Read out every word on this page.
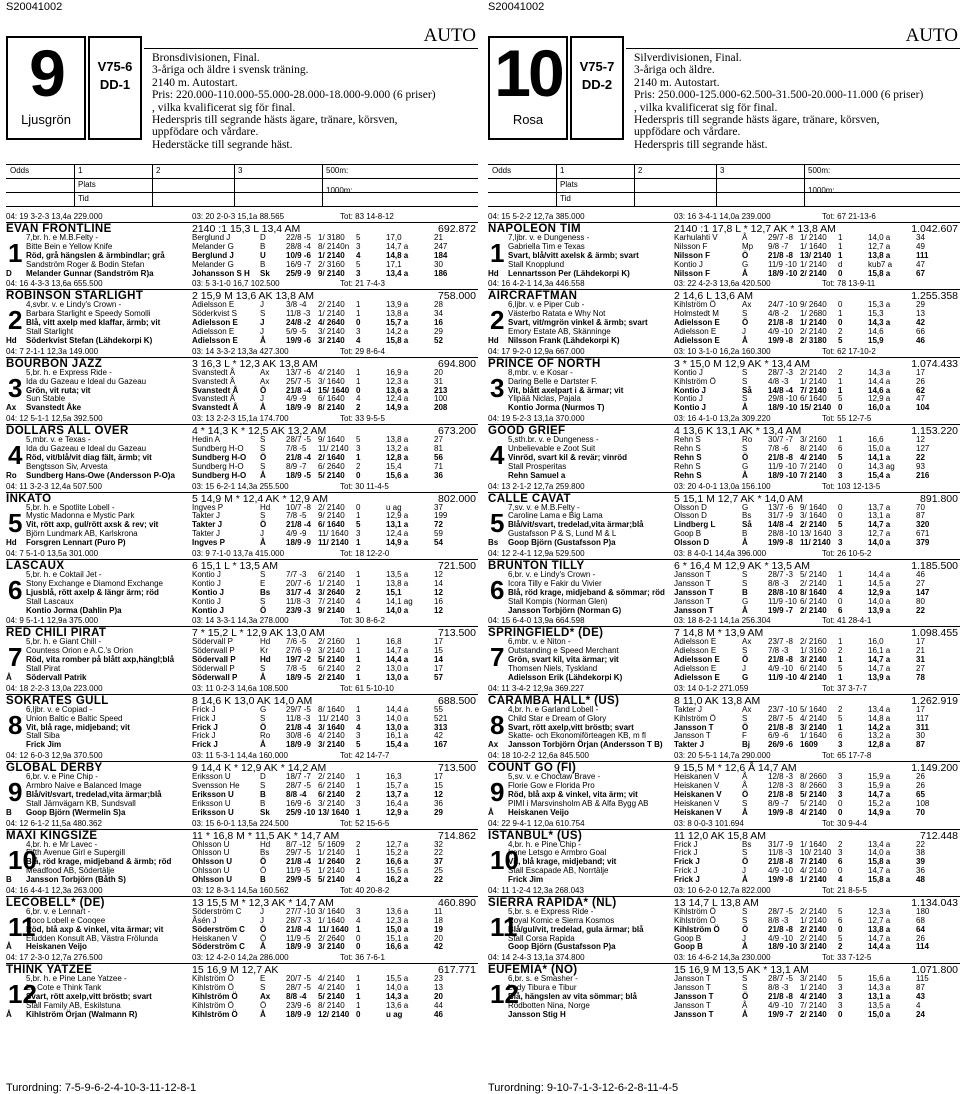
S20041002
9
Ljusgrön
V75-6
DD-1
AUTO
Bronsdivisionen, Final.
3-åriga och äldre i svensk träning.
2140 m. Autostart.
Pris: 220.000-110.000-55.000-28.000-18.000-9.000 (6 priser)
, vilka kvalificerat sig för final.
Hederspris till segrande hästs ägare, tränare, körsven,
uppfödare och vårdare.
Hederstäcke till segrande häst.
Odds	1	2	3	500m:
Plats
Tid
1000m:
04: 19 3-2-3 13,4a 229.000	03: 20 2-0-3 15,1a 88.565	Tot: 83 14-8-12
EVAN FRONTLINE	2140 :1 15,3 L 13,4 AM	692.872
1
7,br. h. e M.B.Felty -	Berglund J	D	22/8 -5 1/ 3180 5	17,0	21
Bitte Bein e Yellow Knife	Melander G	B	28/8 -4 8/ 2140n 3	14,7 a	247
Röd, grå hängslen & ärmbindlar; grå	Berglund J	U	10/9 -6 1/ 2140 4	14,8 a	184
Sandström Roger & Bodin Stefan	Melander G	B	16/9 -7 2/ 3160 5	17,1	30
Melander Gunnar (Sandström R)a	Johansson S H Sk 25/9 -9 9/ 2140 3	13,4 a	186
D
04: 16 4-3-3 13,6a 655.500	03: 5 3-1-0 16,7 102.500	Tot: 21 7-4-3
ROBINSON STARLIGHT	2 15,9 M 13,6 AK 13,8 AM	758.000
2
4,svbr. v. e Lindy's Crown -	Adielsson E	J	3/8 -4 2/ 2140 1	13,9 a	28
Barbara Starlight e Speedy Somolli	Söderkvist S	S	11/8 -3 1/ 2140 1	13,8 a	34
Blå, vitt axelp med klaffar, ärmb; vit	Adielsson E	J	24/8 -2 4/ 2640 0	15,7 a	16
Stall Starlight	Adielsson E	J	5/9 -5 3/ 2140 3	14,2 a	29
Söderkvist Stefan (Lähdekorpi K)	Adielsson E	Å	19/9 -6 3/ 2140 4	15,8 a	52
Hd
04: 7 2-1-1 12,3a 149.000	03: 14 3-3-2 13,3a 427.300	Tot: 29 8-6-4
BOURBON JAZZ	3 16,3 L * 12,3 AK 13,8 AM	694.800
3
5,br. h. e Express Ride -	Svanstedt Å	Ax 13/7 -6 4/ 2140 1	16,9 a	20
Ida du Gazeau e Ideal du Gazeau	Svanstedt Å	Ax 25/7 -5 3/ 1640 1	12,3 a	31
Grön, vit ruta; vit	Svanstedt Å	Ö 21/8 -4 15/ 1640 0	13,6 a	213
Sun Stable	Svanstedt Å	J	4/9 -9 6/ 1640 4	12,4 a	100
Svanstedt Åke	Svanstedt Å	Å	18/9 -9 8/ 2140 2	14,9 a	208
Ax
04: 12 5-1-1 12,5a 392.500	03: 13 2-2-3 15,1a 174.700	Tot: 33 9-5-5
DOLLARS ALL OVER	4 * 14,3 K * 12,5 AK 13,2 AM	673.200
4
5,mbr. v. e Texas -	Hedin A	S	28/7 -5 9/ 1640 5	13,8 a	27
Ida du Gazeau e Ideal du Gazeau	Sundberg H-O S	7/8 -5 11/ 2140 3	13,2 a	81
Röd, vit/blå/vit diag fält, ärmb; vit	Sundberg H-O Ö 21/8 -4 2/ 1640 1	12,8 a	56
Bengtsson Siv, Arvesta	Sundberg H-O S	8/9 -7 6/ 2640 2	15,4	71
Sundberg Hans-Owe (Andersson P-O)a Sundberg H-O Å	18/9 -5 5/ 2140 0	15,6 a	36
Ro
04: 11 3-2-3 12,4a 507.500	03: 15 6-2-1 14,3a 255.500	Tot: 30 11-4-5
INKATO	5 14,9 M * 12,4 AK * 12,9 AM	802.000
5
5,br. h. e Spotlite Lobell -	Ingves P	Hd 10/7 -8 2/ 2140 0	u ag	37
Mystic Madonna e Mystic Park	Takter J	S	7/8 -5 9/ 2140 1	12,9 a	199
Vit, rött axp, gul/rött axsk & rev; vit	Takter J	Ö 21/8 -4 6/ 1640 5	13,1 a	72
Björn Lundmark AB, Karlskrona	Takter J	J	4/9 -9 11/ 1640 3	12,4 a	59
Forsgren Lennart (Puro P)	Ingves P	Å	18/9 -9 11/ 2140 1	14,9 a	54
Hd
04: 7 5-1-0 13,5a 301.000	03: 9 7-1-0 13,7a 415.000	Tot: 18 12-2-0
LASCAUX	6 15,1 L * 13,5 AM	721.500
6
5,br. h. e Coktail Jet -	Kontio J	S	7/7 -3 6/ 2140 1	13,5 a	12
Stony Exchange e Diamond Exchange	Kontio J	E	20/7 -6 1/ 2140 1	13,8 a	14
Ljusblå, rött axelp & längr ärm; röd	Kontio J	Bs 31/7 -4 3/ 2640 2	15,1	12
Stall Lascaux	Kontio J	S	11/8 -3 7/ 2140 4	14,1 ag	16
Kontio Jorma (Dahlin P)a	Kontio J	Ö 23/9 -3 9/ 2140 1	14,0 a	12
04: 9 5-1-1 12,9a 375.000	03: 14 3-3-1 14,3a 278.000	Tot: 30 8-6-2
RED CHILI PIRAT	7 * 15,2 L * 12,9 AK 13,0 AM	713.500
7
5,br. h. e Giant Chill -	Södervall P	Hd 7/6 -5 2/ 2160 1	16,8	17
Countess Orion e A.C.'s Orion	Söderwall P	Kr 27/6 -9 3/ 2140 1	14,7 a	15
Röd, vita romber på blått axp,hängl;blå Södervall P	Hd 19/7 -2 5/ 2140 1	14,4 a	14
Stall Pirat	Söderwall P	S	7/8 -5 6/ 2140 2	13,0 a	17
Södervall Patrik	Söderwall P	Å	18/9 -5 2/ 2140 1	13,0 a	57
Å
04: 18 2-2-3 13,0a 223.000	03: 11 0-2-3 14,6a 108.500	Tot: 61 5-10-10
SOKRATES GULL	8 14,6 K 13,0 AK 14,0 AM	688.500
8
6,ljbr. v. e Copiad -	Frick J	G 29/7 -5 8/ 1640 1	14,4 a	55
Union Baltic e Baltic Speed	Frick J	S	11/8 -3 11/ 2140 3	14,0 a	521
Vit, blå rage, midjeband; vit	Frick J	Ö 21/8 -4 3/ 1640 4	13,0 a	313
Stall Siba	Frick J	Ro 30/8 -6 4/ 2140 3	16,1 a	42
Frick Jim	Frick J	Å	18/9 -9 3/ 2140 5	15,4 a	167
04: 12 6-0-3 12,9a 370.500	03: 11 5-3-1 14,4a 160.000	Tot: 42 14-7-7
GLOBAL DERBY	9 14,4 K * 12,9 AK * 14,2 AM	713.500
9
6,br. v. e Pine Chip -	Eriksson U	D	18/7 -7 2/ 2140 1	16,3	17
Armbro Naive e Balanced Image	Svensson He	S	28/7 -5 6/ 2140 1	15,7 a	15
Blå/vit/svart, tredelad,vita ärmar;blå	Eriksson U	B	8/8 -4 6/ 2140 2	13,7 a	12
Stall Järnvägarn KB, Sundsvall	Eriksson U	B	16/9 -6 3/ 2140 3	16,4 a	36
Goop Björn (Wermelin S)a	Eriksson U	Sk 25/9 -10 13/ 1640 1	12,9 a	29
B
04: 12 6-1-2 11,5a 480.362	03: 15 6-0-1 13,5a 224.500	Tot: 52 15-6-5
MAXI KINGSIZE	11 * 16,8 M * 11,5 AK * 14,7 AM	714.862
10
4,br. h. e Mr Lavec -	Ohlsson U	Hd 8/7 -12 5/ 1609 2	12,7 a	32
Fifth Avenue Girl e Supergill	Ohlsson U	Bs 29/7 -5 1/ 2140 1	15,2 a	22
Blå, röd krage, midjeband & ärmb; röd	Ohlsson U	Ö 21/8 -4 1/ 2640 2	16,6 a	37
Meadfood AB, Södertälje	Ohlsson U	Ö 11/9 -5 1/ 2140 1	15,5 a	25
Jansson Torbjörn (Båth S)	Ohlsson U	B	29/9 -5 5/ 2140 4	16,2 a	22
B
04: 16 4-4-1 12,3a 263.000	03: 12 8-3-1 14,5a 160.562	Tot: 40 20-8-2
LECOBELL* (DE)	13 15,5 M * 12,3 AK * 14,7 AM	460.890
11
6,br. v. e Lennart -	Söderström C J	27/7 -10 3/ 1640 3	13,6 a	11
Coco Lobell e Cooqee	Åsén J	J	28/7 -3 1/ 1640 4	12,3 a	18
Röd, blå axp & vinkel, vita ärmar; vit	Söderström C Ö 21/8 -4 11/ 1640 1	15,0 a	19
Eludden Konsult AB, Västra Frölunda	Heiskanen V	Ö 11/9 -5 2/ 2640 0	15,1 a	20
Heiskanen Veijo	Söderström C Å	18/9 -9 3/ 2140 0	16,6 a	42
Å
04: 17 2-3-0 12,7a 276.500	03: 12 4-2-0 14,2a 286.000	Tot: 36 7-6-1
THINK YATZEE	15 16,9 M 12,7 AK	617.771
12
5,br. h. e Pine Lane Yatzee -	Kihlström Ö	E	20/7 -5 4/ 2140 1	15,5 a	23
La Cote e Think Tank	Kihlström Ö	S	28/7 -5 4/ 2140 1	14,0 a	13
Svart, rött axelp,vitt bröstb; svart	Kihlström Ö	Ax 8/8 -4 5/ 2140 1	14,3 a	20
Stall Family AB, Eskilstuna	Kihlström Ö	Ö 23/9 -6 8/ 2140 1	13,6 a	44
Kihlström Örjan (Walmann R)	Kihlström Ö	Å	18/9 -9 12/ 2140 0	u ag	46
Å
Turordning: 7-5-9-6-2-4-10-3-11-12-8-1
S20041002
10
Rosa
V75-7
DD-2
AUTO
Silverdivisionen, Final.
3-åriga och äldre.
2140 m. Autostart.
Pris: 250.000-125.000-62.500-31.500-20.000-11.000 (6 priser)
, vilka kvalificerat sig för final.
Hederspris till segrande hästs ägare, tränare, körsven,
uppfödare och vårdare.
Hederspris till segrande häst.
Odds	1	2	3	500m:
Plats
Tid
1000m:
04: 15 5-2-2 12,7a 385.000	03: 16 3-4-1 14,0a 239.000	Tot: 67 21-13-6
NAPOLEON TIM	2140 :1 17,8 L * 12,7 AK * 13,8 AM	1.042.607
1
7,ljbr. v. e Dungeness -	Karhulahti V	Å	29/7 -8 1/ 2140 1	14,0 a	34
Gabriella Tim e Texas	Nilsson F	Mp 9/8 -7 1/ 1640 1	12,7 a	49
Svart, blå/vitt axelsk & ärmb; svart	Nilsson F	Ö 21/8 -8 13/ 2140 1	13,8 a	111
Stall Knopplund	Kontio J	G 11/9 -10 1/ 2140 d	kub7 a	47
Lennartsson Per (Lähdekorpi K)	Nilsson F	Å	18/9 -10 2/ 2140 0	15,8 a	67
Hd
04: 16 4-2-1 14,3a 446.558	03: 22 4-2-3 13,6a 420.500	Tot: 78 13-9-11
AIRCRAFTMAN	2 14,6 L 13,6 AM	1.255.358
2
6,ljbr. v. e Piper Cub -	Kihlström Ö	Ax 24/7 -10 9/ 2640 0	15,3 a	29
Västerbo Ratata e Why Not	Holmstedt M	S	4/8 -2 1/ 2680 1	15,3	13
Svart, vit/mgrön vinkel & ärmb; svart	Adielsson E	Ö 21/8 -8 1/ 2140 0	14,3 a	42
Emory Estate AB, Skänninge	Adielsson E	J	4/9 -10 2/ 2140 2	14,6	66
Nilsson Frank (Lähdekorpi K)	Adielsson E	Å	19/9 -8 2/ 3180 5	15,9	46
Hd
04: 17 9-2-0 12,9a 667.000	03: 10 3-1-0 16,2a 160.300	Tot: 62 17-10-2
PRINCE OF NORTH	3 * 15,0 M 12,9 AK * 13,4 AM	1.074.433
3
8,mbr. v. e Kosar -	Kontio J	S	28/7 -3 2/ 2140 2	14,3 a	17
Daring Belle e Dartster F.	Kihlström Ö	S	4/8 -3 1/ 2140 1	14,4 a	26
Vit, blått axelpart i & ärmar; vit	Kontio J	Så 14/8 -4 7/ 2140 1	14,6 a	62
Ylipää Niclas, Pajala	Kontio J	S	29/8 -10 6/ 1640 5	12,9 a	47
Kontio Jorma (Nurmos T)	Kontio J	Å	18/9 -10 15/ 2140 0	16,0 a	104
04: 19 5-2-3 13,1a 370.000	03: 16 4-1-0 13,2a 309.220	Tot: 55 12-7-5
GOOD GRIEF	4 13,6 K 13,1 AK * 13,4 AM	1.153.220
4
5,sth.br. v. e Dungeness -	Rehn S	Ro 30/7 -7 3/ 2160 1	16,6	12
Unbelievable e Zoot Suit	Rehn S	S	7/8 -6 8/ 2140 6	15,0 a	127
Vinröd, svart kil & revär; vinröd	Rehn S	Ö 21/8 -8 4/ 2140 5	14,1 a	22
Stall Prosperitas	Rehn S	G 11/9 -10 7/ 2140 0	14,3 ag	93
Rehn Samuel a	Rehn S	Å	18/9 -10 7/ 2140 3	15,4 a	216
04: 13 2-1-2 12,7a 259.800	03: 20 4-0-1 13,0a 156.100	Tot: 103 12-13-5
CALLE CAVAT	5 15,1 M 12,7 AK * 14,0 AM	891.800
5
7,sv. v. e M.B.Felty -	Olsson D	G 13/7 -6 9/ 1640 0	13,7 a	70
Caroline Lama e Big Lama	Olsson D	Bs 31/7 -9 3/ 1640 0	13,1 a	87
Blå/vit/svart, tredelad,vita ärmar;blå	Lindberg L	Så 14/8 -4 2/ 2140 5	14,7 a	320
Gustafsson P & S, Lund M & L	Goop B	B	28/8 -10 13/ 1640 3	12,7 a	671
Goop Björn (Gustafsson P)a	Olsson D	Å	19/9 -8 11/ 2140 3	14,0 a	379
Bs
04: 12 2-4-1 12,9a 529.500	03: 8 4-0-1 14,4a 396.000	Tot: 26 10-5-2
BRUNTON TILLY	6 * 16,4 M 12,9 AK * 13,5 AM	1.185.500
6
6,br. v. e Lindy's Crown -	Jansson T	S	28/7 -3 5/ 2140 1	14,4 a	46
Icora Tilly e Fakir du Vivier	Jansson T	S	8/8 -3 2/ 2140 1	14,5 a	27
Blå, röd krage, midjeband & sömmar; röd Jansson T	B	28/8 -10 8/ 1640 4	12,9 a	147
Stall Kompis (Norman Glen)	Jansson T	G 11/9 -10 6/ 2140 0	14,0 a	80
Jansson Torbjörn (Norman G)	Jansson T	Å	19/9 -7 2/ 2140 6	13,9 a	22
04: 15 6-4-0 13,9a 664.598	03: 18 8-2-1 14,1a 256.304	Tot: 41 28-4-1
SPRINGFIELD* (DE)	7 14,8 M * 13,9 AM	1.098.455
7
6,mbr. v. e Niton -	Adielsson E	Ax 23/7 -8 2/ 2160 1	16,0	17
Outstanding e Speed Merchant	Adielsson E	S	7/8 -3 1/ 3160 2	16,1 a	21
Grön, svart kil, vita ärmar; vit	Adielsson E	Ö 21/8 -8 3/ 2140 1	14,7 a	31
Thomsen Niels, Tyskland	Adielsson E	J	4/9 -10 6/ 2140 5	14,7 a	27
Adielsson Erik (Lähdekorpi K)	Adielsson E	G 11/9 -10 4/ 2140 1	13,9 a	78
04: 11 3-4-2 12,9a 369.227	03: 14 0-1-2 271.059	Tot: 37 3-7-7
CARAMBA HALL* (US)	8 11,0 AK 13,8 AM	1.262.919
8
4,br. h. e Garland Lobell -	Takter J	Ax 23/7 -10 5/ 1640 2	13,4 a	17
Child Star e Dream of Glory	Kihlström Ö	S	28/7 -5 4/ 2140 5	14,8 a	117
Svart, rött axelp,vitt bröstb; svart	Jansson T	Ö 21/8 -8 3/ 2140 1	14,2 a	311
Skatte- och Ekonomiförteagen KB, m fl	Jansson T	F	6/9 -6 1/ 1640 6	13,2 a	30
Jansson Torbjörn Örjan (Andersson T B) Takter J	Bj 26/9 -6 1609	3	12,8 a	87
Ax
04: 18 10-2-2 12,6a 845.500	03: 20 5-5-1 14,7a 290.000	Tot: 65 17-7-8
COUNT GO (FI)	9 15,5 M * 12,6 Å 14,7 AM	1.149.200
9
5,sv. v. e Choctaw Brave -	Heiskanen V	Å	12/8 -3 8/ 2660 3	15,9 a	26
Florie Gow e Florida Pro	Heiskanen V	Å	12/8 -3 8/ 2660 3	15,9 a	26
Röd, blå axp & vinkel, vita ärm; vit	Heiskanen V	Ö 21/8 -8 5/ 2140 3	14,7 a	65
PIMI i Marsvinsholm AB & Alfa Bygg AB	Heiskanen V	S	8/9 -7 5/ 2140 0	15,2 a	108
Heiskanen Veijo	Heiskanen V	Å	19/9 -8 4/ 2140 0	14,9 a	70
Å
04: 22 9-4-1 12,0a 610.754	03: 8 0-0-3 101.694	Tot: 30 9-4-4
ISTANBUL* (US)	11 12,0 AK 15,8 AM	712.448
10
4,br. h. e Pine Chip -	Frick J	Bs 31/7 -9 1/ 1640 2	13,4 a	22
Irene Letsgo e Armbro Goal	Frick J	S	11/8 -3 10/ 2140 3	14,0 a	38
Vit, blå krage, midjeband; vit	Frick J	Ö 21/8 -8 7/ 2140 6	15,8 a	39
Stall Escapade AB, Norrtälje	Frick J	J	4/9 -10 4/ 2140 0	14,7 a	36
Frick Jim	Frick J	Å	19/9 -8 1/ 2140 4	15,8 a	48
04: 11 1-2-4 12,3a 268.043	03: 10 6-2-0 12,7a 822.000	Tot: 21 8-5-5
SIERRA RAPIDA* (NL)	13 14,7 L 13,8 AM	1.134.043
11
5,br. s. e Express Ride -	Kihlström Ö	S	28/7 -5 2/ 2140 5	12,3 a	180
Royal Komic e Sierra Kosmos	Kihlström Ö	S	8/8 -3 1/ 2140 6	12,7 a	68
Blå/gul/vit, tredelad, gula ärmar; blå	Kihlström Ö	Ö 21/8 -8 2/ 2140 0	13,8 a	64
Stall Corsa Rapida	Goop B	J	4/9 -10 2/ 2140 5	14,7 a	26
Goop Björn (Gustafsson P)a	Goop B	Å	18/9 -10 3/ 2140 2	14,4 a	114
04: 14 2-4-3 13,1a 374.800	03: 16 4-6-2 14,3a 230.000	Tot: 33 7-12-5
EUFEMIA* (NO)	15 16,9 M 13,5 AK * 13,1 AM	1.071.800
12
6,br. s. e Smasher -	Jansson T	S	28/7 -5 3/ 2140 5	15,6 a	115
Lady Tibura e Tibur	Jansson T	S	8/8 -3 1/ 2140 3	14,3 a	87
Blå, hängslen av vita sömmar; blå	Jansson T	Ö 21/8 -8 4/ 2140 3	13,1 a	43
Rödbotten Nina, Norge	Jansson T	Å	4/9 -10 7/ 2140 3	13,5 a	4
Jansson Stig H	Jansson T	Å	19/9 -7 2/ 2140 0	15,0 a	24
Turordning: 9-10-7-1-3-12-6-2-8-11-4-5
